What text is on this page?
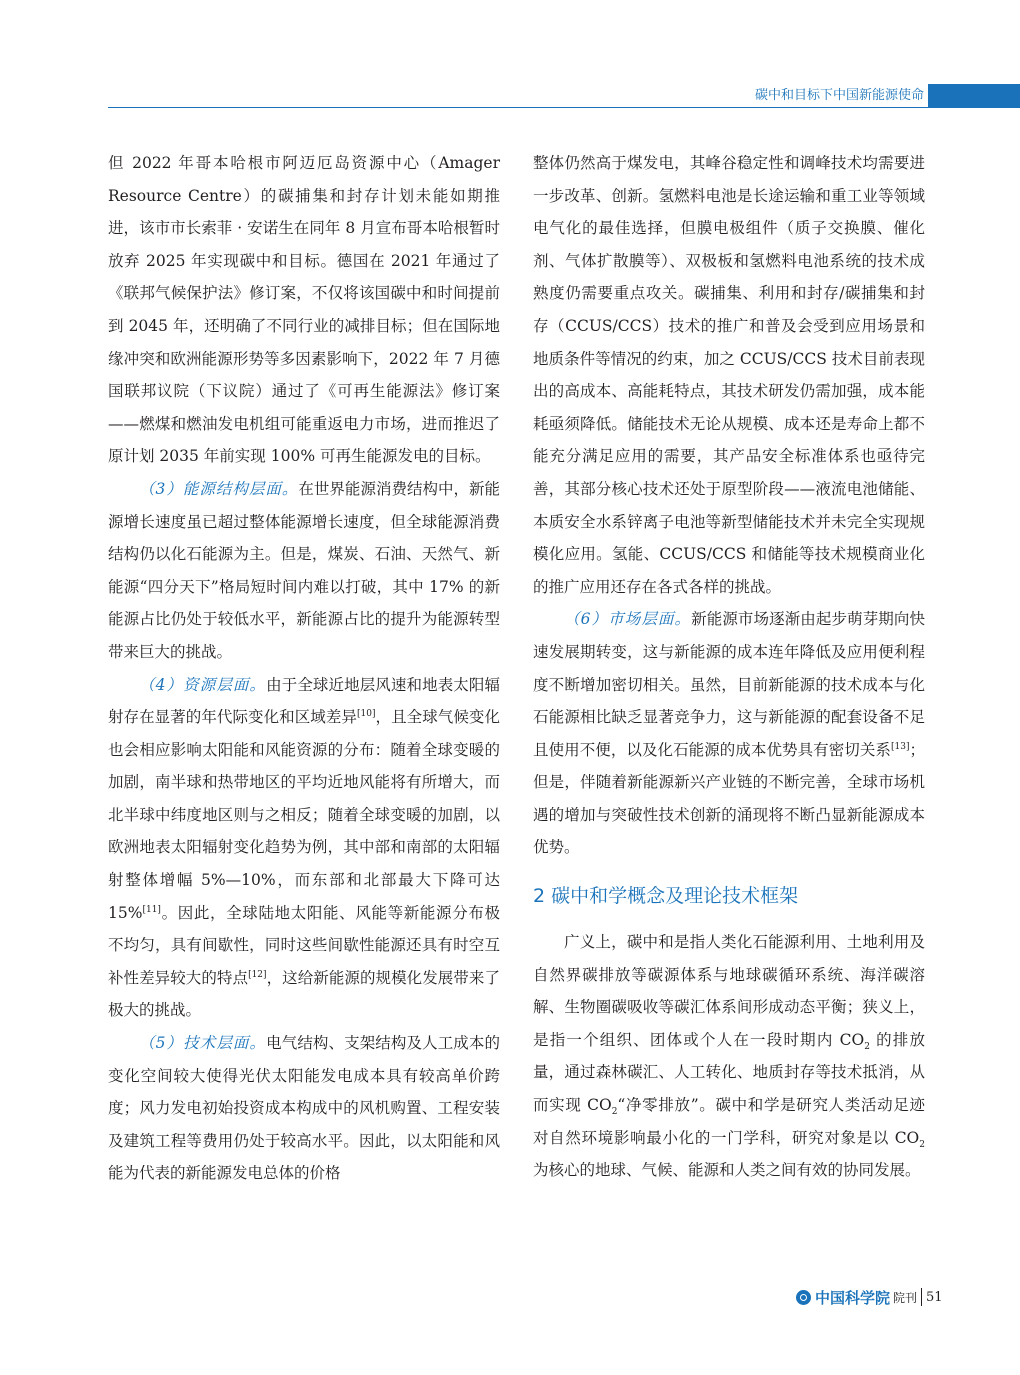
碳中和目标下中国新能源使命

但 2022 年哥本哈根市阿迈厄岛资源中心（Amager Resource Centre）的碳捕集和封存计划未能如期推进，该市市长索菲 · 安诺生在同年 8 月宣布哥本哈根暂时放弃 2025 年实现碳中和目标。德国在 2021 年通过了《联邦气候保护法》修订案，不仅将该国碳中和时间提前到 2045 年，还明确了不同行业的减排目标；但在国际地缘冲突和欧洲能源形势等多因素影响下，2022 年 7 月德国联邦议院（下议院）通过了《可再生能源法》修订案——燃煤和燃油发电机组可能重返电力市场，进而推迟了原计划 2035 年前实现 100% 可再生能源发电的目标。

（3）能源结构层面。在世界能源消费结构中，新能源增长速度虽已超过整体能源增长速度，但全球能源消费结构仍以化石能源为主。但是，煤炭、石油、天然气、新能源“四分天下”格局短时间内难以打破，其中 17% 的新能源占比仍处于较低水平，新能源占比的提升为能源转型带来巨大的挑战。

（4）资源层面。由于全球近地层风速和地表太阳辐射存在显著的年代际变化和区域差异[10]，且全球气候变化也会相应影响太阳能和风能资源的分布：随着全球变暖的加剧，南半球和热带地区的平均近地风能将有所增大，而北半球中纬度地区则与之相反；随着全球变暖的加剧，以欧洲地表太阳辐射变化趋势为例，其中部和南部的太阳辐射整体增幅 5%—10%，而东部和北部最大下降可达 15%[11]。因此，全球陆地太阳能、风能等新能源分布极不均匀，具有间歇性，同时这些间歇性能源还具有时空互补性差异较大的特点[12]，这给新能源的规模化发展带来了极大的挑战。

（5）技术层面。电气结构、支架结构及人工成本的变化空间较大使得光伏太阳能发电成本具有较高单价跨度；风力发电初始投资成本构成中的风机购置、工程安装及建筑工程等费用仍处于较高水平。因此，以太阳能和风能为代表的新能源发电总体的价格

整体仍然高于煤发电，其峰谷稳定性和调峰技术均需要进一步改革、创新。氢燃料电池是长途运输和重工业等领域电气化的最佳选择，但膜电极组件（质子交换膜、催化剂、气体扩散膜等）、双极板和氢燃料电池系统的技术成熟度仍需要重点攻关。碳捕集、利用和封存/碳捕集和封存（CCUS/CCS）技术的推广和普及会受到应用场景和地质条件等情况的约束，加之 CCUS/CCS 技术目前表现出的高成本、高能耗特点，其技术研发仍需加强，成本能耗亟须降低。储能技术无论从规模、成本还是寿命上都不能充分满足应用的需要，其产品安全标准体系也亟待完善，其部分核心技术还处于原型阶段——液流电池储能、本质安全水系锌离子电池等新型储能技术并未完全实现规模化应用。氢能、CCUS/CCS 和储能等技术规模商业化的推广应用还存在各式各样的挑战。

（6）市场层面。新能源市场逐渐由起步萌芽期向快速发展期转变，这与新能源的成本连年降低及应用便利程度不断增加密切相关。虽然，目前新能源的技术成本与化石能源相比缺乏显著竞争力，这与新能源的配套设备不足且使用不便，以及化石能源的成本优势具有密切关系[13]；但是，伴随着新能源新兴产业链的不断完善，全球市场机遇的增加与突破性技术创新的涌现将不断凸显新能源成本优势。

2 碳中和学概念及理论技术框架

广义上，碳中和是指人类化石能源利用、土地利用及自然界碳排放等碳源体系与地球碳循环系统、海洋碳溶解、生物圈碳吸收等碳汇体系间形成动态平衡；狭义上，是指一个组织、团体或个人在一段时期内 $CO_2$ 的排放量，通过森林碳汇、人工转化、地质封存等技术抵消，从而实现 $CO_2“$净零排放”。碳中和学是研究人类活动足迹对自然环境影响最小化的一门学科，研究对象是以 $CO_2$ 为核心的地球、气候、能源和人类之间有效的协同发展。

中国科学院 院刊 51
